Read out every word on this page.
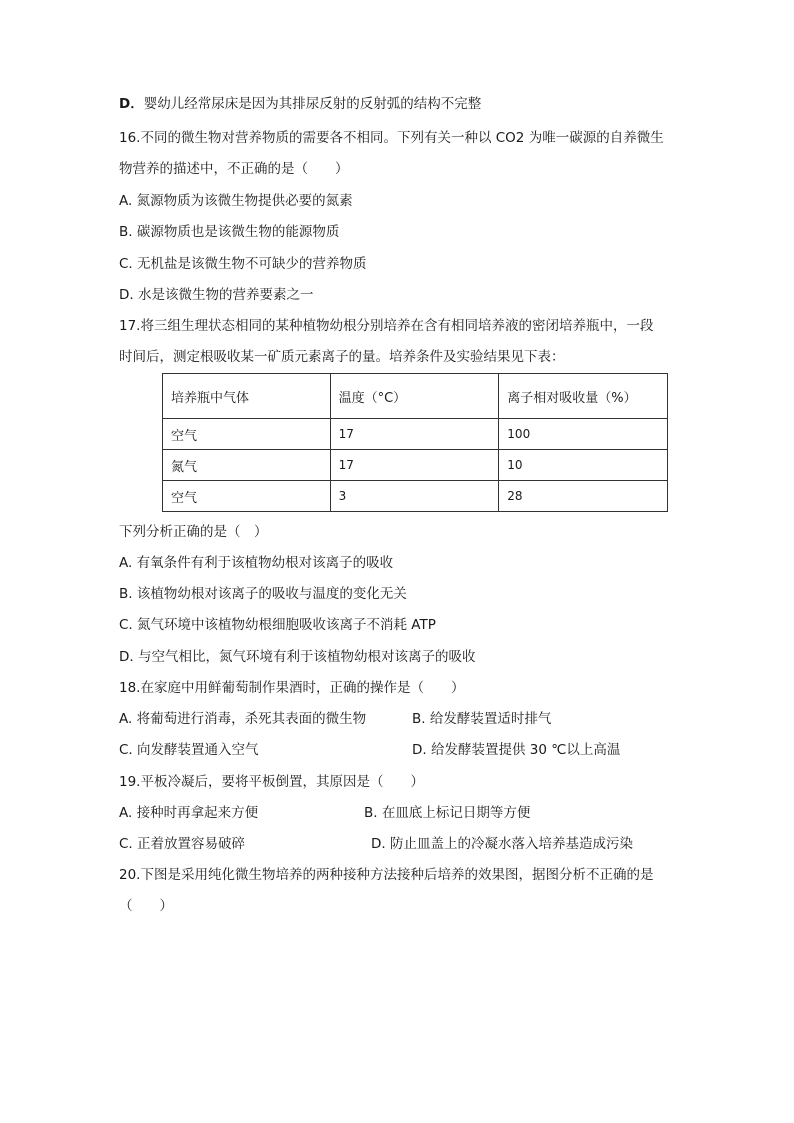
D．婴幼儿经常尿床是因为其排尿反射的反射弧的结构不完整
16.不同的微生物对营养物质的需要各不相同。下列有关一种以 CO2 为唯一碳源的自养微生
物营养的描述中，不正确的是（　　）
A. 氮源物质为该微生物提供必要的氮素
B. 碳源物质也是该微生物的能源物质
C. 无机盐是该微生物不可缺少的营养物质
D. 水是该微生物的营养要素之一
17.将三组生理状态相同的某种植物幼根分别培养在含有相同培养液的密闭培养瓶中，一段
时间后，测定根吸收某一矿质元素离子的量。培养条件及实验结果见下表：
培养瓶中气体	温度（°C）	离子相对吸收量（%）
空气	17	100
氮气	17	10
空气	3	28
下列分析正确的是（　）
A. 有氧条件有利于该植物幼根对该离子的吸收
B. 该植物幼根对该离子的吸收与温度的变化无关
C. 氮气环境中该植物幼根细胞吸收该离子不消耗 ATP
D. 与空气相比，氮气环境有利于该植物幼根对该离子的吸收
18.在家庭中用鲜葡萄制作果酒时，正确的操作是（　　）
A. 将葡萄进行消毒，杀死其表面的微生物	B. 给发酵装置适时排气
C. 向发酵装置通入空气	D. 给发酵装置提供 30 ℃以上高温
19.平板冷凝后，要将平板倒置，其原因是（　　）
A. 接种时再拿起来方便	B. 在皿底上标记日期等方便
C. 正着放置容易破碎	D. 防止皿盖上的冷凝水落入培养基造成污染
20.下图是采用纯化微生物培养的两种接种方法接种后培养的效果图，据图分析不正确的是
（　　）
